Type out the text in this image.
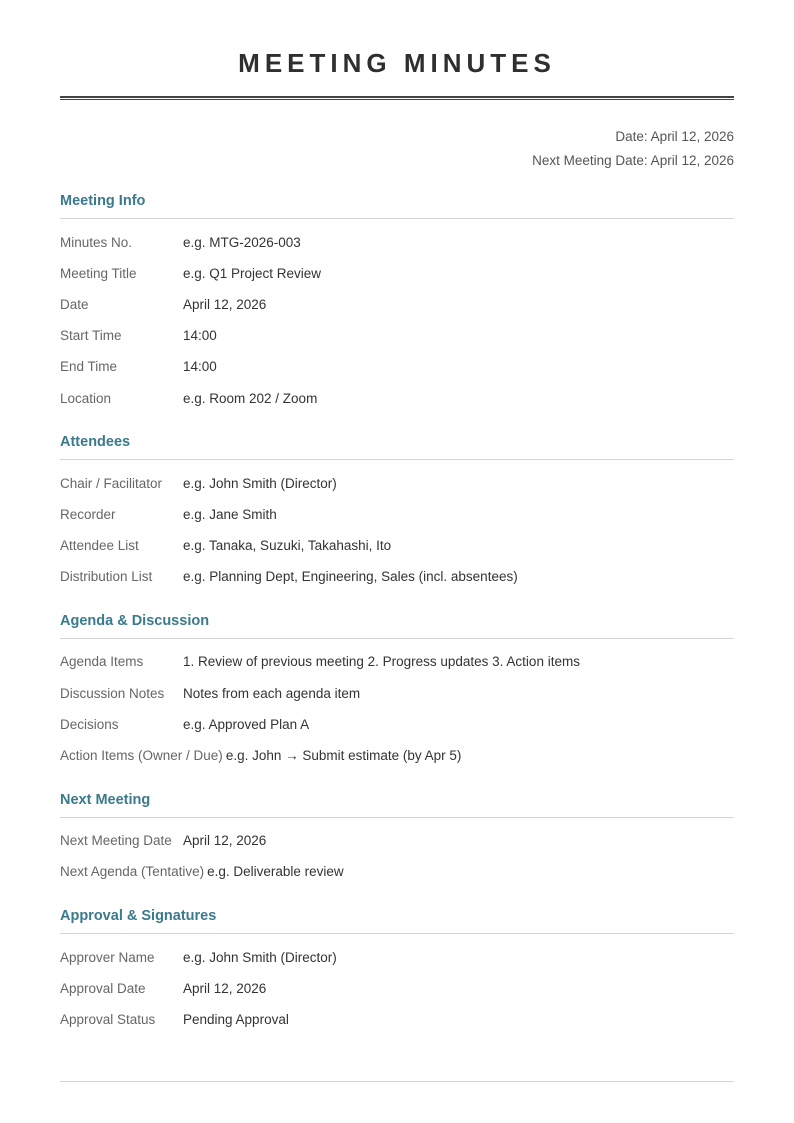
MEETING MINUTES
Date: April 12, 2026
Next Meeting Date: April 12, 2026
Meeting Info
Minutes No.	e.g. MTG-2026-003
Meeting Title	e.g. Q1 Project Review
Date	April 12, 2026
Start Time	14:00
End Time	14:00
Location	e.g. Room 202 / Zoom
Attendees
Chair / Facilitator	e.g. John Smith (Director)
Recorder	e.g. Jane Smith
Attendee List	e.g. Tanaka, Suzuki, Takahashi, Ito
Distribution List	e.g. Planning Dept, Engineering, Sales (incl. absentees)
Agenda & Discussion
Agenda Items	1. Review of previous meeting 2. Progress updates 3. Action items
Discussion Notes	Notes from each agenda item
Decisions	e.g. Approved Plan A
Action Items (Owner / Due) e.g. John → Submit estimate (by Apr 5)
Next Meeting
Next Meeting Date April 12, 2026
Next Agenda (Tentative) e.g. Deliverable review
Approval & Signatures
Approver Name	e.g. John Smith (Director)
Approval Date	April 12, 2026
Approval Status	Pending Approval
